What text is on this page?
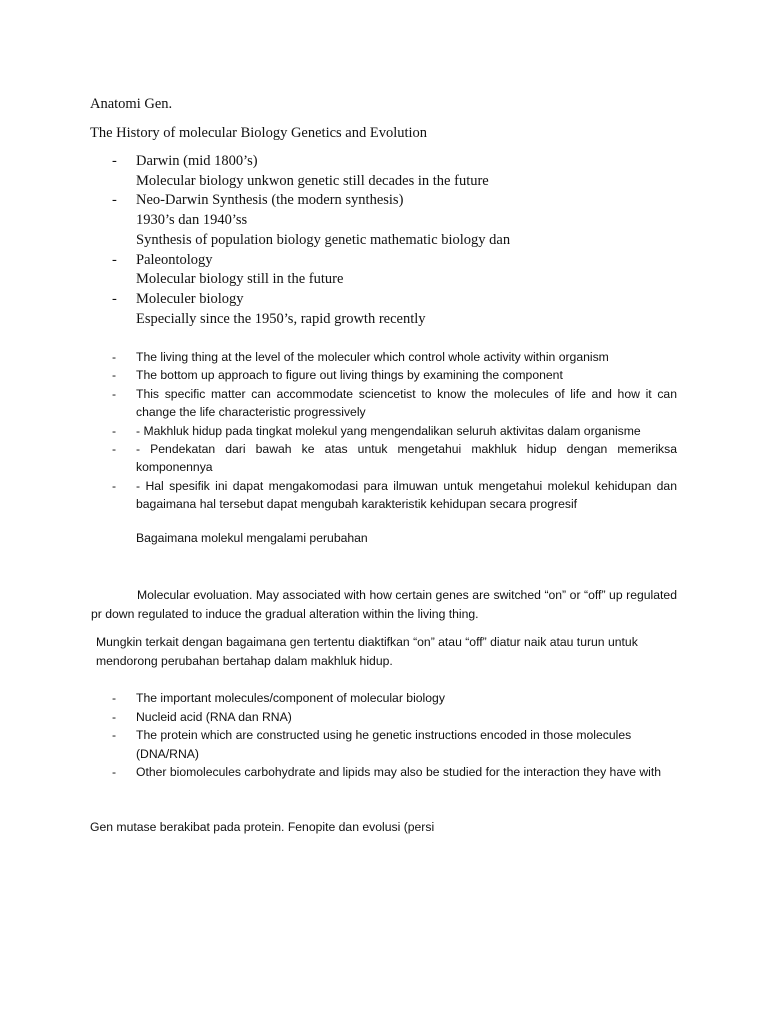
Anatomi Gen.
The History of molecular Biology Genetics and Evolution
- Darwin (mid 1800’s)
Molecular biology unkwon genetic still decades in the future
- Neo-Darwin Synthesis (the modern synthesis)
1930’s dan 1940’ss
Synthesis of population biology genetic mathematic biology dan
- Paleontology
Molecular biology still in the future
- Moleculer biology
Especially since the 1950’s, rapid growth recently
- The living thing at the level of the moleculer which control whole activity within organism
- The bottom up approach to figure out living things by examining the component
- This specific matter can accommodate sciencetist to know the molecules of life and how it can change the life characteristic progressively
- - Makhluk hidup pada tingkat molekul yang mengendalikan seluruh aktivitas dalam organisme
- - Pendekatan dari bawah ke atas untuk mengetahui makhluk hidup dengan memeriksa komponennya
- - Hal spesifik ini dapat mengakomodasi para ilmuwan untuk mengetahui molekul kehidupan dan bagaimana hal tersebut dapat mengubah karakteristik kehidupan secara progresif

Bagaimana molekul mengalami perubahan

Molecular evoluation. May associated with how certain genes are switched “on” or “off” up regulated pr down regulated to induce the gradual alteration within the living thing.

Mungkin terkait dengan bagaimana gen tertentu diaktifkan “on” atau “off” diatur naik atau turun untuk mendorong perubahan bertahap dalam makhluk hidup.

- The important molecules/component of molecular biology
- Nucleid acid (RNA dan RNA)
- The protein which are constructed using he genetic instructions encoded in those molecules (DNA/RNA)
- Other biomolecules carbohydrate and lipids may also be studied for the interaction they have with

Gen mutase berakibat pada protein. Fenopite dan evolusi (persi
